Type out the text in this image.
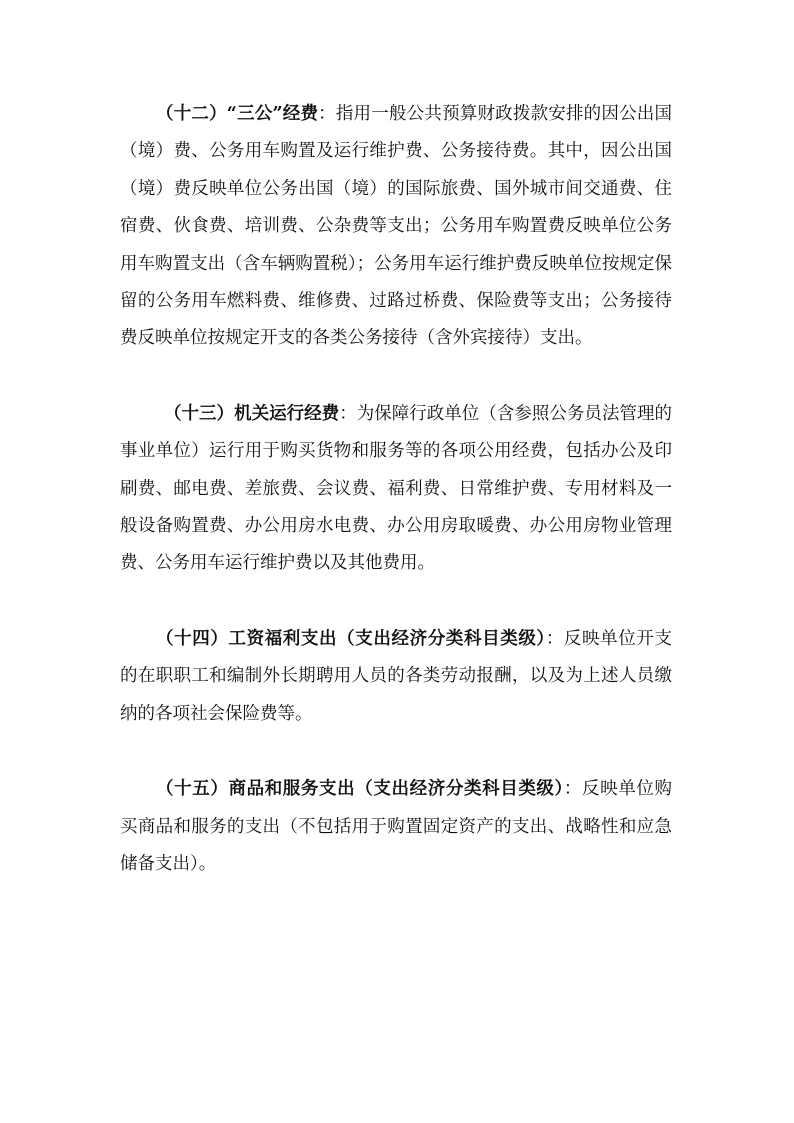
（十二）“三公”经费：指用一般公共预算财政拨款安排的因公出国（境）费、公务用车购置及运行维护费、公务接待费。其中，因公出国（境）费反映单位公务出国（境）的国际旅费、国外城市间交通费、住宿费、伙食费、培训费、公杂费等支出；公务用车购置费反映单位公务用车购置支出（含车辆购置税）；公务用车运行维护费反映单位按规定保留的公务用车燃料费、维修费、过路过桥费、保险费等支出；公务接待费反映单位按规定开支的各类公务接待（含外宾接待）支出。

（十三）机关运行经费：为保障行政单位（含参照公务员法管理的事业单位）运行用于购买货物和服务等的各项公用经费，包括办公及印刷费、邮电费、差旅费、会议费、福利费、日常维护费、专用材料及一般设备购置费、办公用房水电费、办公用房取暖费、办公用房物业管理费、公务用车运行维护费以及其他费用。

（十四）工资福利支出（支出经济分类科目类级）：反映单位开支的在职职工和编制外长期聘用人员的各类劳动报酬，以及为上述人员缴纳的各项社会保险费等。

（十五）商品和服务支出（支出经济分类科目类级）：反映单位购买商品和服务的支出（不包括用于购置固定资产的支出、战略性和应急储备支出）。
